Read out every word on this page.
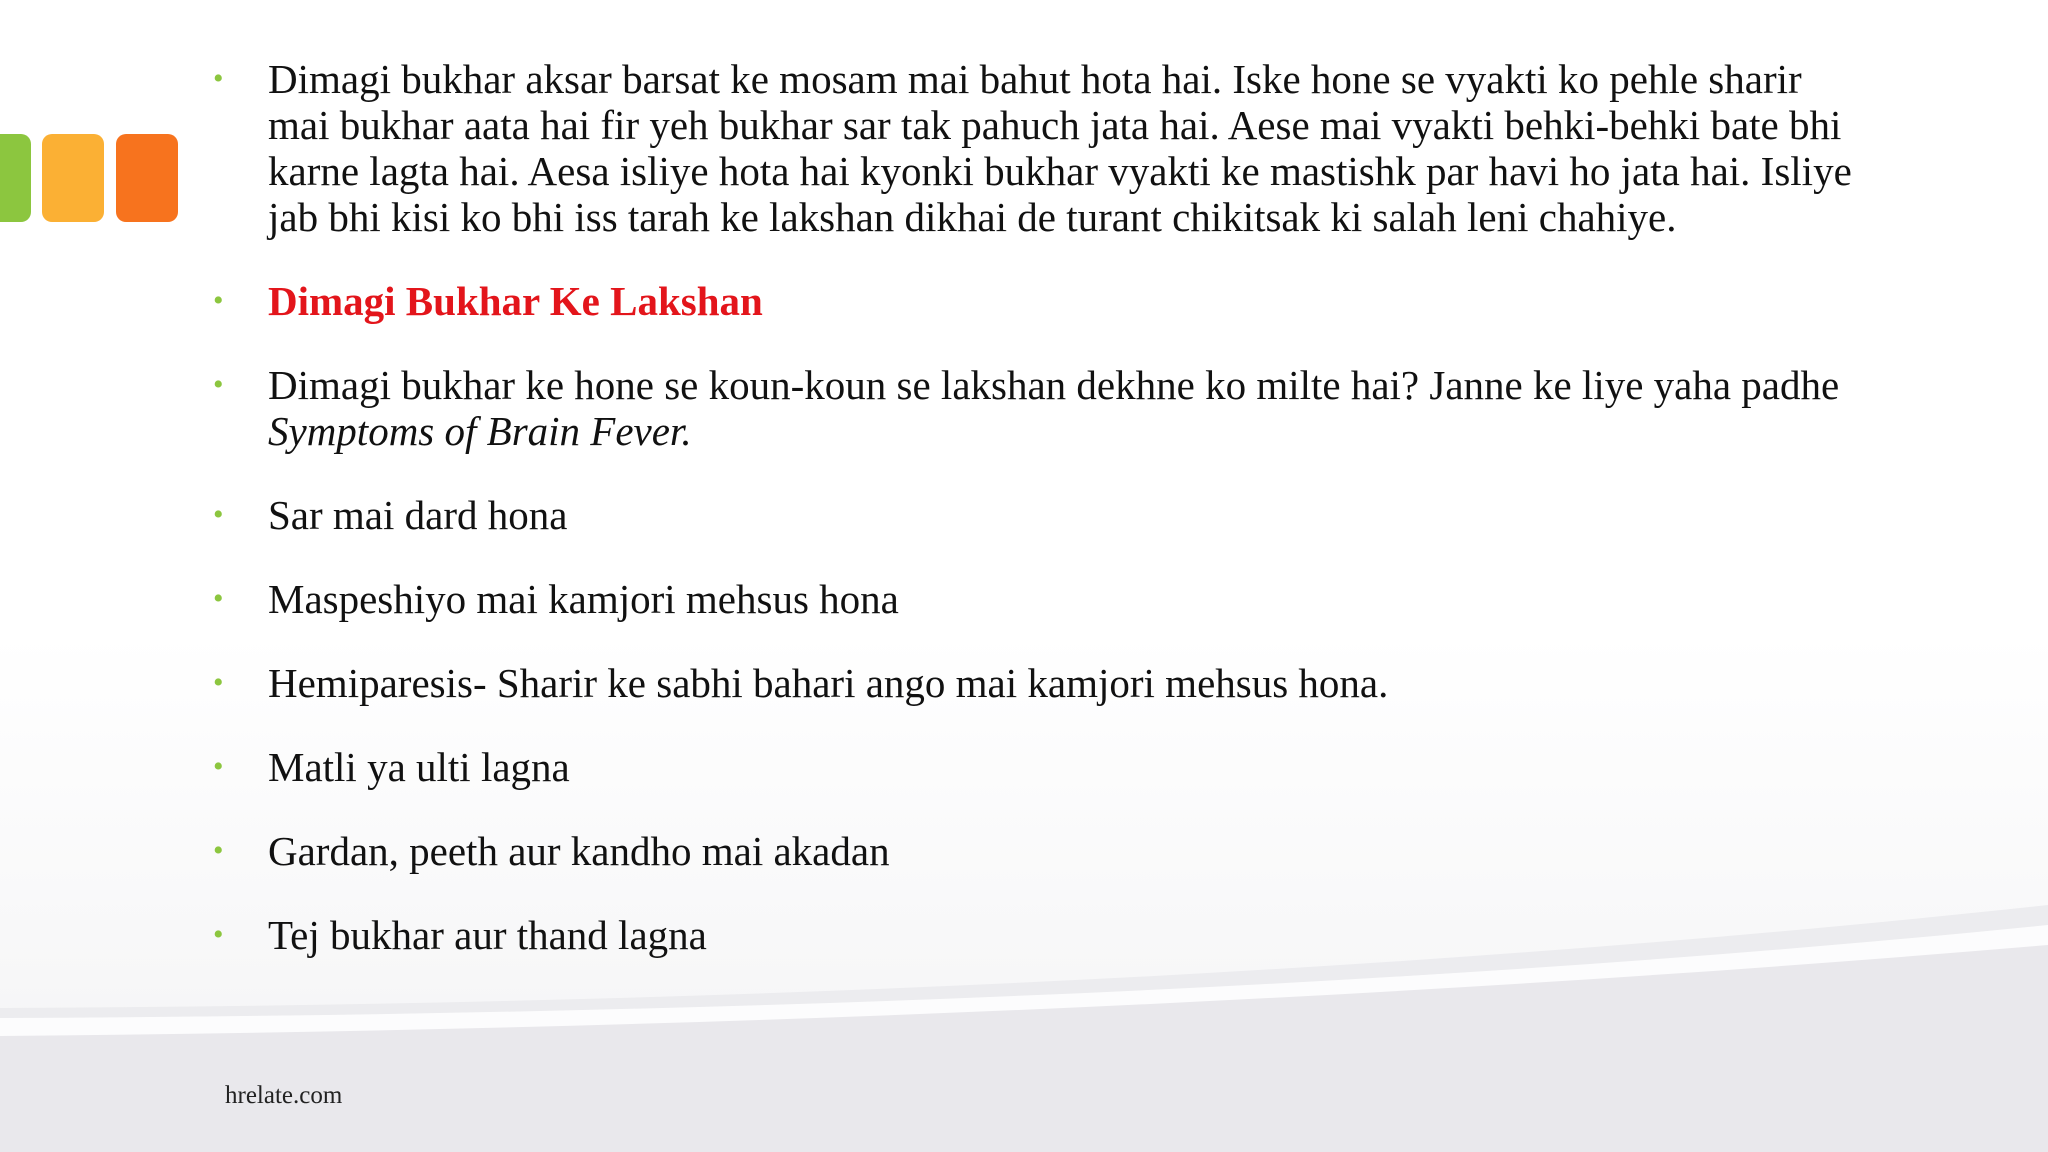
• Dimagi bukhar aksar barsat ke mosam mai bahut hota hai. Iske hone se vyakti ko pehle sharir mai bukhar aata hai fir yeh bukhar sar tak pahuch jata hai. Aese mai vyakti behki-behki bate bhi karne lagta hai. Aesa isliye hota hai kyonki bukhar vyakti ke mastishk par havi ho jata hai. Isliye jab bhi kisi ko bhi iss tarah ke lakshan dikhai de turant chikitsak ki salah leni chahiye.
• Dimagi Bukhar Ke Lakshan
• Dimagi bukhar ke hone se koun-koun se lakshan dekhne ko milte hai? Janne ke liye yaha padhe Symptoms of Brain Fever.
• Sar mai dard hona
• Maspeshiyo mai kamjori mehsus hona
• Hemiparesis- Sharir ke sabhi bahari ango mai kamjori mehsus hona.
• Matli ya ulti lagna
• Gardan, peeth aur kandho mai akadan
• Tej bukhar aur thand lagna
hrelate.com
